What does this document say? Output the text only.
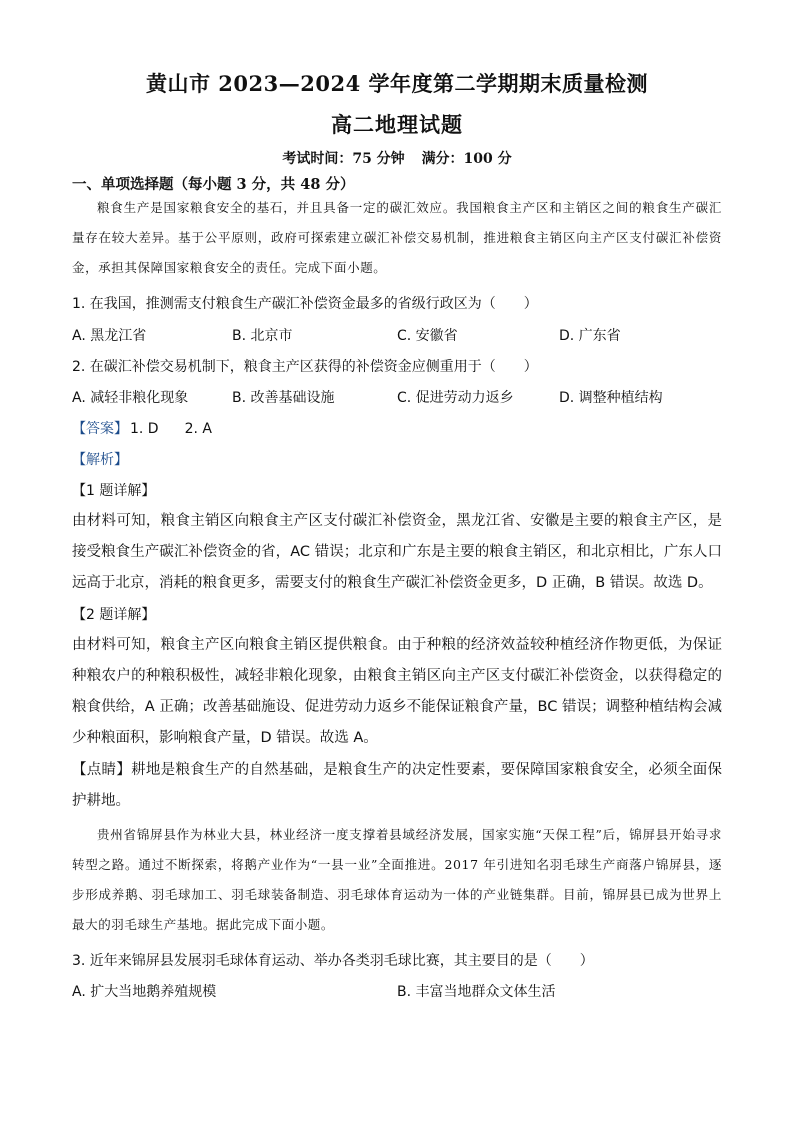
黄山市 2023—2024 学年度第二学期期末质量检测
高二地理试题
考试时间：75 分钟 满分：100 分
一、单项选择题（每小题 3 分，共 48 分）
粮食生产是国家粮食安全的基石，并且具备一定的碳汇效应。我国粮食主产区和主销区之间的粮食生产碳汇量存在较大差异。基于公平原则，政府可探索建立碳汇补偿交易机制，推进粮食主销区向主产区支付碳汇补偿资金，承担其保障国家粮食安全的责任。完成下面小题。
1. 在我国，推测需支付粮食生产碳汇补偿资金最多的省级行政区为（　　）
A. 黑龙江省	B. 北京市	C. 安徽省	D. 广东省
2. 在碳汇补偿交易机制下，粮食主产区获得的补偿资金应侧重用于（　　）
A. 减轻非粮化现象	B. 改善基础设施	C. 促进劳动力返乡	D. 调整种植结构
【答案】 1. D 2. A
【解析】
【1 题详解】
由材料可知，粮食主销区向粮食主产区支付碳汇补偿资金，黑龙江省、安徽是主要的粮食主产区，是接受粮食生产碳汇补偿资金的省，AC 错误；北京和广东是主要的粮食主销区，和北京相比，广东人口远高于北京，消耗的粮食更多，需要支付的粮食生产碳汇补偿资金更多，D 正确，B 错误。故选 D。
【2 题详解】
由材料可知，粮食主产区向粮食主销区提供粮食。由于种粮的经济效益较种植经济作物更低，为保证种粮农户的种粮积极性，减轻非粮化现象，由粮食主销区向主产区支付碳汇补偿资金，以获得稳定的粮食供给，A 正确；改善基础施设、促进劳动力返乡不能保证粮食产量，BC 错误；调整种植结构会减少种粮面积，影响粮食产量，D 错误。故选 A。
【点睛】耕地是粮食生产的自然基础，是粮食生产的决定性要素，要保障国家粮食安全，必须全面保护耕地。
贵州省锦屏县作为林业大县，林业经济一度支撑着县域经济发展，国家实施“天保工程”后，锦屏县开始寻求转型之路。通过不断探索，将鹅产业作为“一县一业”全面推进。2017 年引进知名羽毛球生产商落户锦屏县，逐步形成养鹅、羽毛球加工、羽毛球装备制造、羽毛球体育运动为一体的产业链集群。目前，锦屏县已成为世界上最大的羽毛球生产基地。据此完成下面小题。
3. 近年来锦屏县发展羽毛球体育运动、举办各类羽毛球比赛，其主要目的是（　　）
A. 扩大当地鹅养殖规模	B. 丰富当地群众文体生活
